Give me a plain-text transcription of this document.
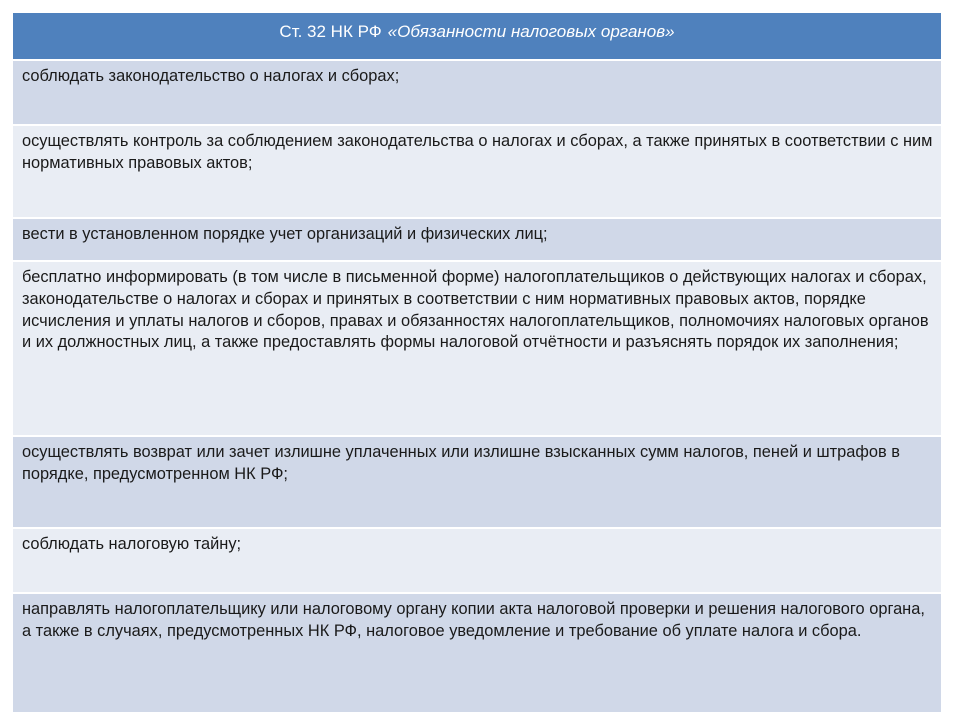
Ст. 32 НК РФ «Обязанности налоговых органов»
соблюдать законодательство о налогах и сборах;
осуществлять контроль за соблюдением законодательства о налогах и сборах, а также принятых в соответствии с ним нормативных правовых актов;
вести в установленном порядке учет организаций и физических лиц;
бесплатно информировать (в том числе в письменной форме) налогоплательщиков о действующих налогах и сборах, законодательстве о налогах и сборах и принятых в соответствии с ним нормативных правовых актов, порядке исчисления и уплаты налогов и сборов, правах и обязанностях налогоплательщиков, полномочиях налоговых органов и их должностных лиц, а также предоставлять формы налоговой отчётности и разъяснять порядок их заполнения;
осуществлять возврат или зачет излишне уплаченных или излишне взысканных сумм налогов, пеней и штрафов в порядке, предусмотренном НК РФ;
соблюдать налоговую тайну;
направлять налогоплательщику или налоговому органу копии акта налоговой проверки и решения налогового органа, а также в случаях, предусмотренных НК РФ, налоговое уведомление и требование об уплате налога и сбора.
